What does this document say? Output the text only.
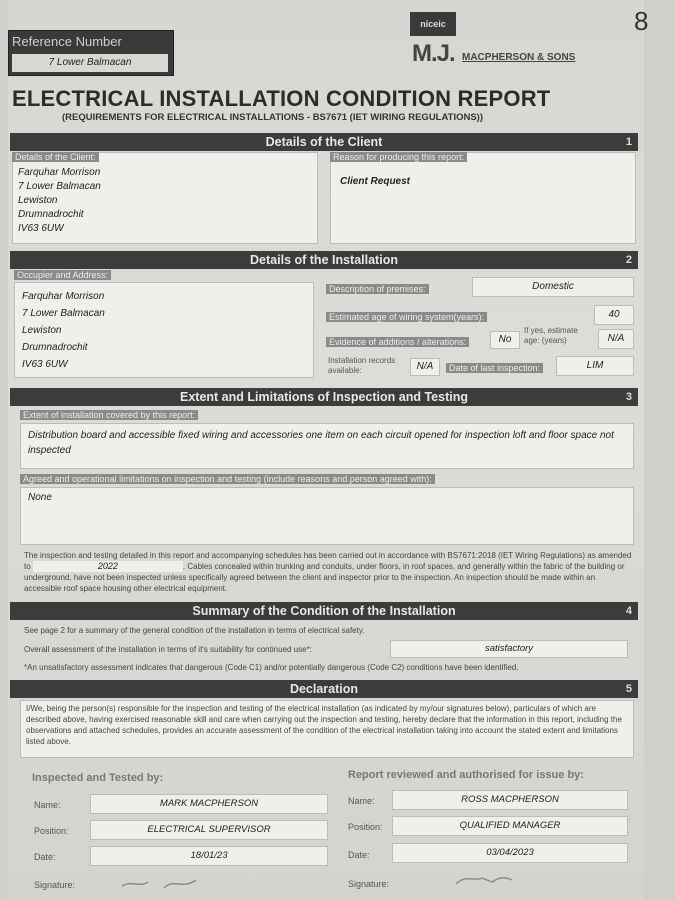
Reference Number
7 Lower Balmacan
niceic
M.J. MACPHERSON & SONS
8
ELECTRICAL INSTALLATION CONDITION REPORT
(REQUIREMENTS FOR ELECTRICAL INSTALLATIONS - BS7671 (IET WIRING REGULATIONS))
Details of the Client	1
Details of the Client:
Farquhar Morrison
7 Lower Balmacan
Lewiston
Drumnadrochit
IV63 6UW
Reason for producing this report:
Client Request
Details of the Installation	2
Occupier and Address:
Farquhar Morrison
7 Lower Balmacan
Lewiston
Drumnadrochit
IV63 6UW
Description of premises:	Domestic
Estimated age of wiring system(years):	40
Evidence of additions / alterations:	No
If yes, estimate age: (years)	N/A
Installation records available:	N/A	Date of last inspection:	LIM
Extent and Limitations of Inspection and Testing	3
Extent of installation covered by this report:
Distribution board and accessible fixed wiring and accessories one item on each circuit opened for inspection loft and floor space not inspected
Agreed and operational limitations on inspection and testing (include reasons and person agreed with):
None
The inspection and testing detailed in this report and accompanying schedules has been carried out in accordance with BS7671:2018 (IET Wiring Regulations) as amended to	2022	. Cables concealed within trunking and conduits, under floors, in roof spaces, and generally within the fabric of the building or underground, have not been inspected unless specifically agreed between the client and inspector prior to the inspection. An inspection should be made within an accessible roof space housing other electrical equipment.
Summary of the Condition of the Installation	4
See page 2 for a summary of the general condition of the installation in terms of electrical safety.
Overall assessment of the installation in terms of it's suitability for continued use*:	satisfactory
*An unsatisfactory assessment indicates that dangerous (Code C1) and/or potentially dangerous (Code C2) conditions have been identified.
Declaration	5
I/We, being the person(s) responsible for the inspection and testing of the electrical installation (as indicated by my/our signatures below), particulars of which are described above, having exercised reasonable skill and care when carrying out the inspection and testing, hereby declare that the information in this report, including the observations and attached schedules, provides an accurate assessment of the condition of the electrical installation taking into account the stated extent and limitations listed above.
Inspected and Tested by:	Report reviewed and authorised for issue by:
Name:	MARK MACPHERSON
Position:	ELECTRICAL SUPERVISOR
Date:	18/01/23
Signature:
Name:	ROSS MACPHERSON
Position:	QUALIFIED MANAGER
Date:	03/04/2023
Signature:
